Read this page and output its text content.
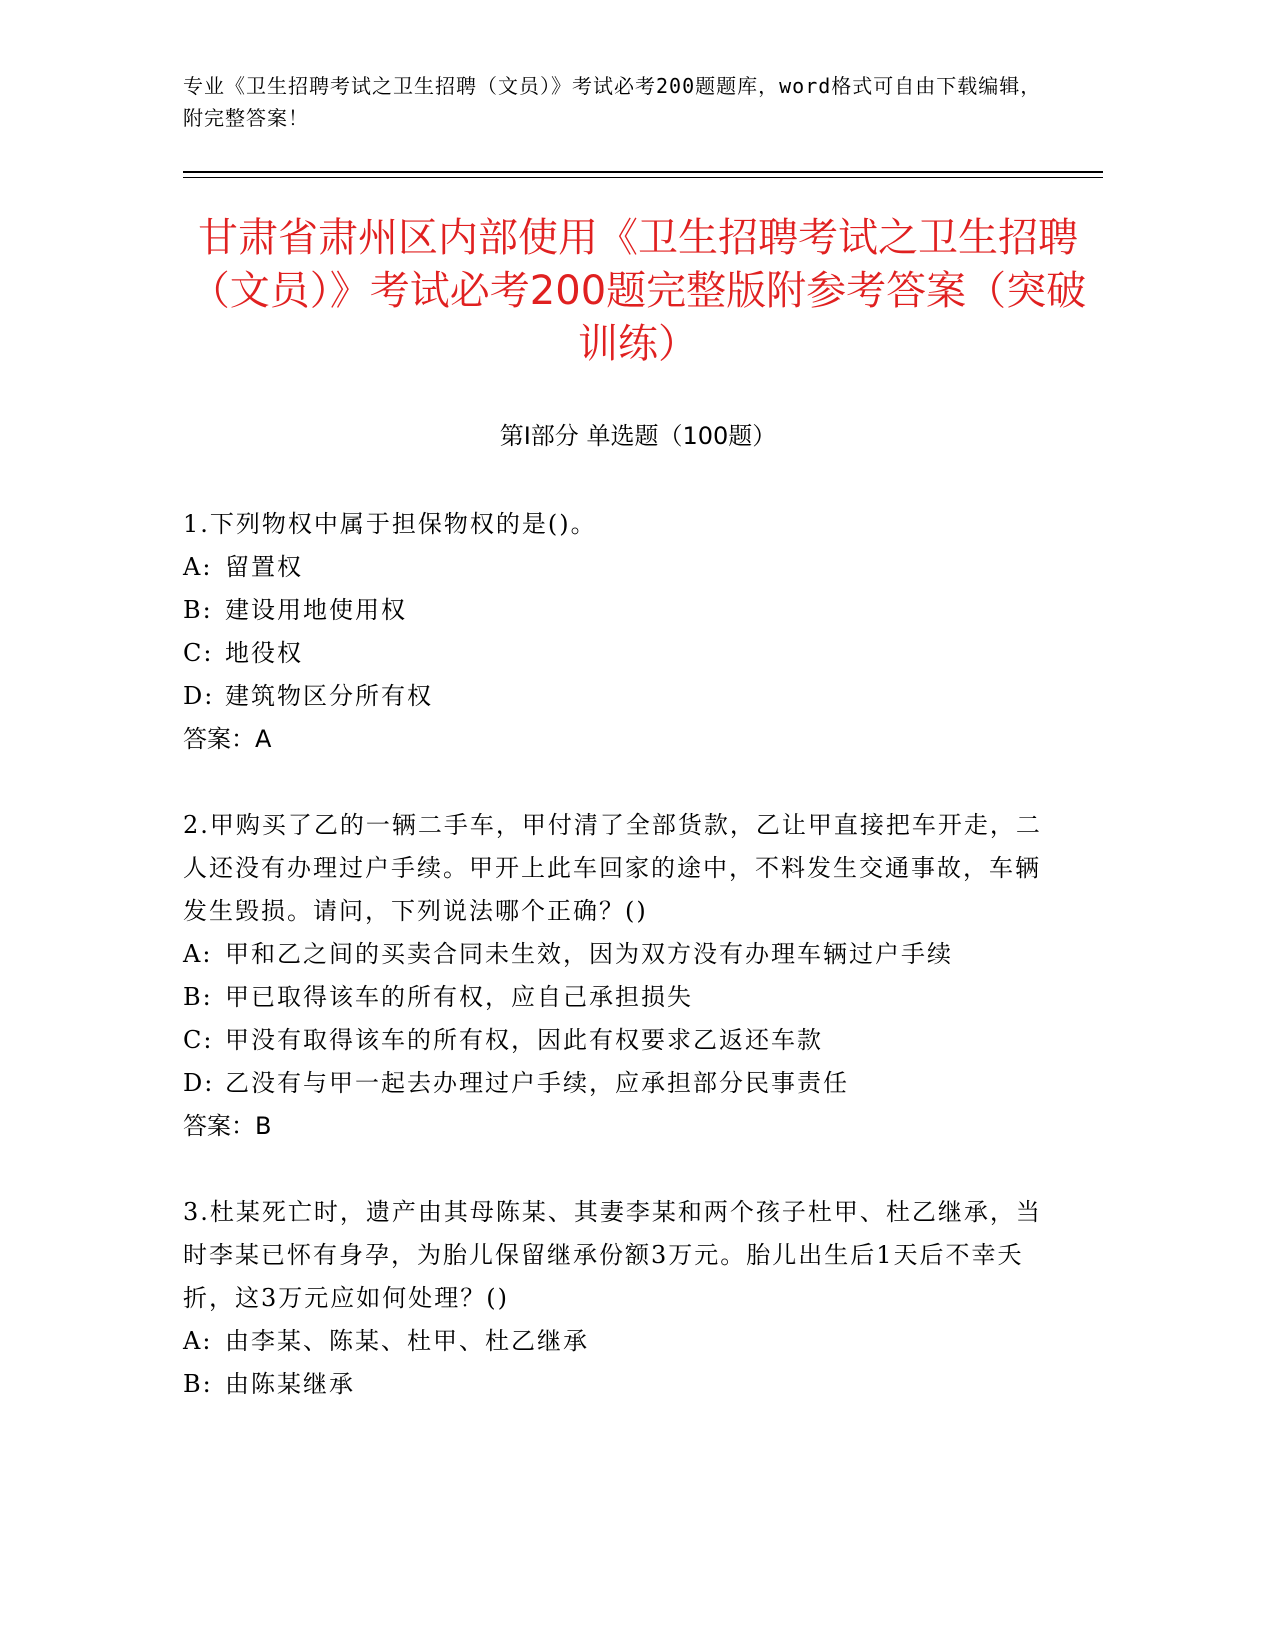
专业《卫生招聘考试之卫生招聘（文员）》考试必考200题题库，word格式可自由下载编辑，附完整答案！
甘肃省肃州区内部使用《卫生招聘考试之卫生招聘（文员）》考试必考200题完整版附参考答案（突破训练）
第I部分 单选题（100题）

1.下列物权中属于担保物权的是()。

A: 留置权

B: 建设用地使用权

C: 地役权

D: 建筑物区分所有权

答案：A

2.甲购买了乙的一辆二手车，甲付清了全部货款，乙让甲直接把车开走，二人还没有办理过户手续。甲开上此车回家的途中，不料发生交通事故，车辆发生毁损。请问，下列说法哪个正确？()

A: 甲和乙之间的买卖合同未生效，因为双方没有办理车辆过户手续

B: 甲已取得该车的所有权，应自己承担损失

C: 甲没有取得该车的所有权，因此有权要求乙返还车款

D: 乙没有与甲一起去办理过户手续，应承担部分民事责任

答案：B

3.杜某死亡时，遗产由其母陈某、其妻李某和两个孩子杜甲、杜乙继承，当时李某已怀有身孕，为胎儿保留继承份额3万元。胎儿出生后1天后不幸夭折，这3万元应如何处理？()

A: 由李某、陈某、杜甲、杜乙继承

B: 由陈某继承
